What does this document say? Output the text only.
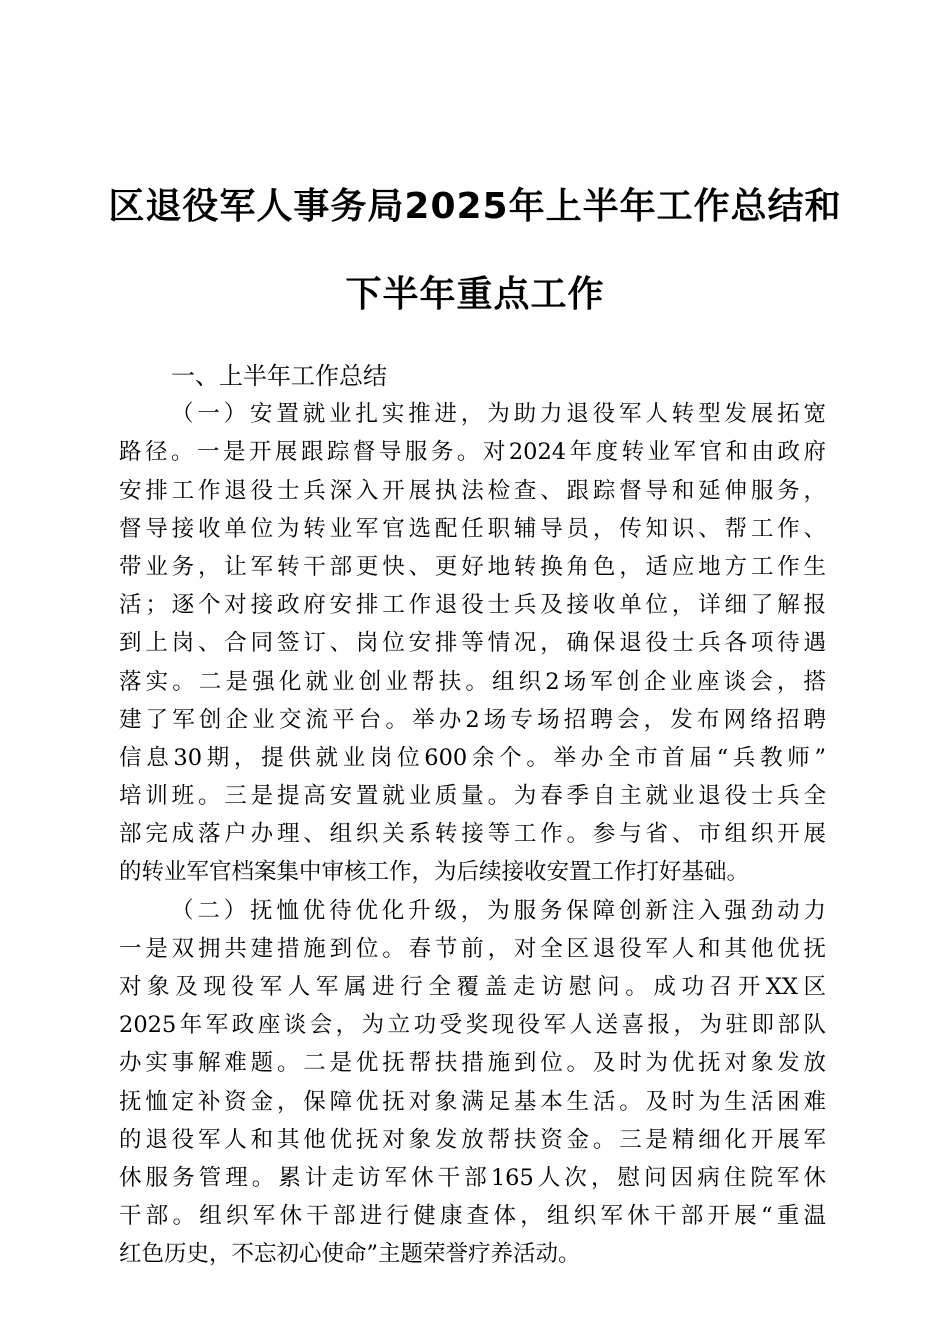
区退役军人事务局2025年上半年工作总结和
下半年重点工作

一、上半年工作总结

（一）安置就业扎实推进，为助力退役军人转型发展拓宽
路径。一是开展跟踪督导服务。对2024年度转业军官和由政府
安排工作退役士兵深入开展执法检查、跟踪督导和延伸服务，
督导接收单位为转业军官选配任职辅导员，传知识、帮工作、
带业务，让军转干部更快、更好地转换角色，适应地方工作生
活；逐个对接政府安排工作退役士兵及接收单位，详细了解报
到上岗、合同签订、岗位安排等情况，确保退役士兵各项待遇
落实。二是强化就业创业帮扶。组织2场军创企业座谈会，搭
建了军创企业交流平台。举办2场专场招聘会，发布网络招聘
信息30期，提供就业岗位600余个。举办全市首届“兵教师”
培训班。三是提高安置就业质量。为春季自主就业退役士兵全
部完成落户办理、组织关系转接等工作。参与省、市组织开展
的转业军官档案集中审核工作，为后续接收安置工作打好基础。

（二）抚恤优待优化升级，为服务保障创新注入强劲动力
一是双拥共建措施到位。春节前，对全区退役军人和其他优抚
对象及现役军人军属进行全覆盖走访慰问。成功召开XX区
2025年军政座谈会，为立功受奖现役军人送喜报，为驻即部队
办实事解难题。二是优抚帮扶措施到位。及时为优抚对象发放
抚恤定补资金，保障优抚对象满足基本生活。及时为生活困难
的退役军人和其他优抚对象发放帮扶资金。三是精细化开展军
休服务管理。累计走访军休干部165人次，慰问因病住院军休
干部。组织军休干部进行健康查体，组织军休干部开展“重温
红色历史，不忘初心使命”主题荣誉疗养活动。
